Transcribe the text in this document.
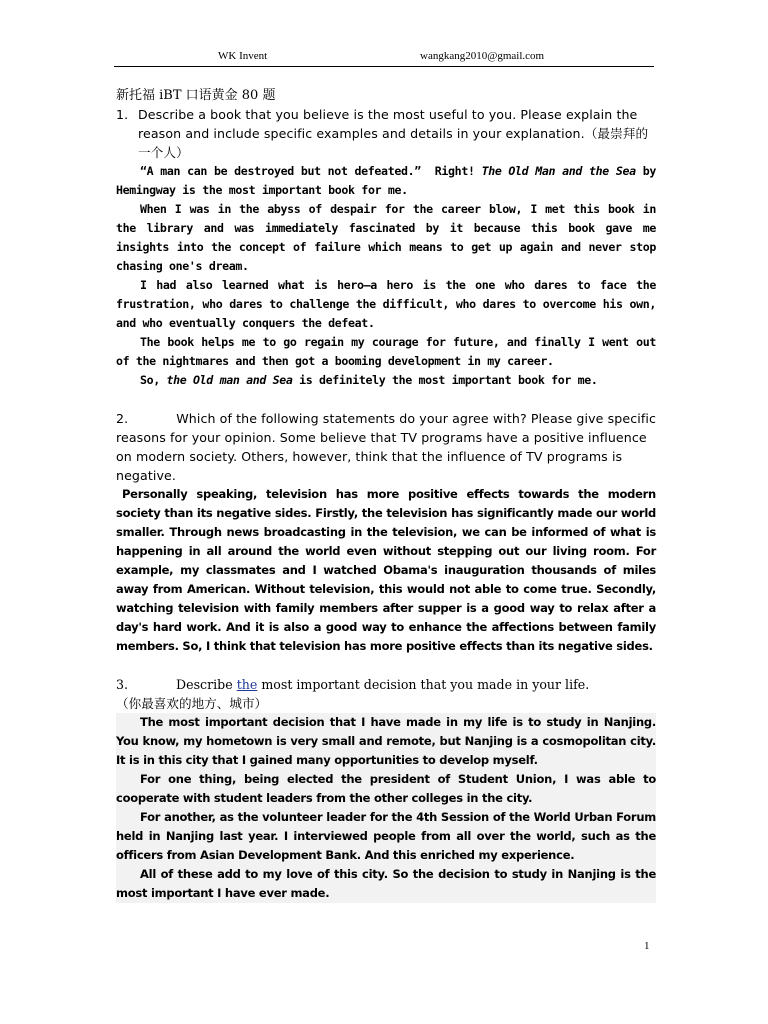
WK Invent	wangkang2010@gmail.com
新托福 iBT 口语黄金 80 题
1. Describe a book that you believe is the most useful to you. Please explain the reason and include specific examples and details in your explanation.（最崇拜的一个人）

“A man can be destroyed but not defeated.” Right! The Old Man and the Sea by Hemingway is the most important book for me.

When I was in the abyss of despair for the career blow, I met this book in the library and was immediately fascinated by it because this book gave me insights into the concept of failure which means to get up again and never stop chasing one's dream.

I had also learned what is hero—a hero is the one who dares to face the frustration, who dares to challenge the difficult, who dares to overcome his own, and who eventually conquers the defeat.

The book helps me to go regain my courage for future, and finally I went out of the nightmares and then got a booming development in my career.

So, the Old man and Sea is definitely the most important book for me.

2.	Which of the following statements do your agree with? Please give specific reasons for your opinion. Some believe that TV programs have a positive influence on modern society. Others, however, think that the influence of TV programs is negative.

Personally speaking, television has more positive effects towards the modern society than its negative sides. Firstly, the television has significantly made our world smaller. Through news broadcasting in the television, we can be informed of what is happening in all around the world even without stepping out our living room. For example, my classmates and I watched Obama's inauguration thousands of miles away from American. Without television, this would not able to come true. Secondly, watching television with family members after supper is a good way to relax after a day's hard work. And it is also a good way to enhance the affections between family members. So, I think that television has more positive effects than its negative sides.

3.	Describe the most important decision that you made in your life.
（你最喜欢的地方、城市）

The most important decision that I have made in my life is to study in Nanjing. You know, my hometown is very small and remote, but Nanjing is a cosmopolitan city. It is in this city that I gained many opportunities to develop myself.

For one thing, being elected the president of Student Union, I was able to cooperate with student leaders from the other colleges in the city.

For another, as the volunteer leader for the 4th Session of the World Urban Forum held in Nanjing last year. I interviewed people from all over the world, such as the officers from Asian Development Bank. And this enriched my experience.

All of these add to my love of this city. So the decision to study in Nanjing is the most important I have ever made.

1
